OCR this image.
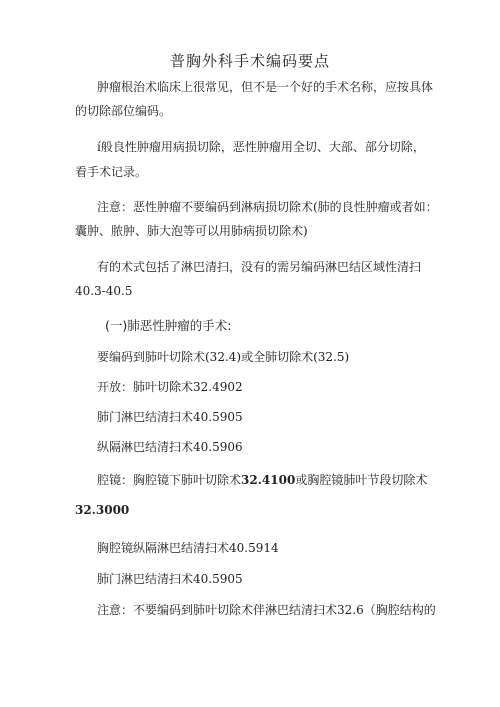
普胸外科手术编码要点

肿瘤根治术临床上很常见，但不是一个好的手术名称，应按具体

的切除部位编码。

í般良性肿瘤用病损切除，恶性肿瘤用全切、大部、部分切除，

看手术记录。

注意：恶性肿瘤不要编码到淋病损切除术(肺的良性肿瘤或者如：

囊肿、脓肿、肺大泡等可以用肺病损切除术)

有的术式包括了淋巴清扫，没有的需另编码淋巴结区域性清扫

40.3-40.5

(一)肺恶性肿瘤的手术:

要编码到肺叶切除术(32.4)或全肺切除术(32.5)

开放：肺叶切除术32.4902

肺门淋巴结清扫术40.5905

纵隔淋巴结清扫术40.5906

腔镜：胸腔镜下肺叶切除术32.4100或胸腔镜肺叶节段切除术

32.3000

胸腔镜纵隔淋巴结清扫术40.5914

肺门淋巴结清扫术40.5905

注意：不要编码到肺叶切除术伴淋巴结清扫术32.6（胸腔结构的
